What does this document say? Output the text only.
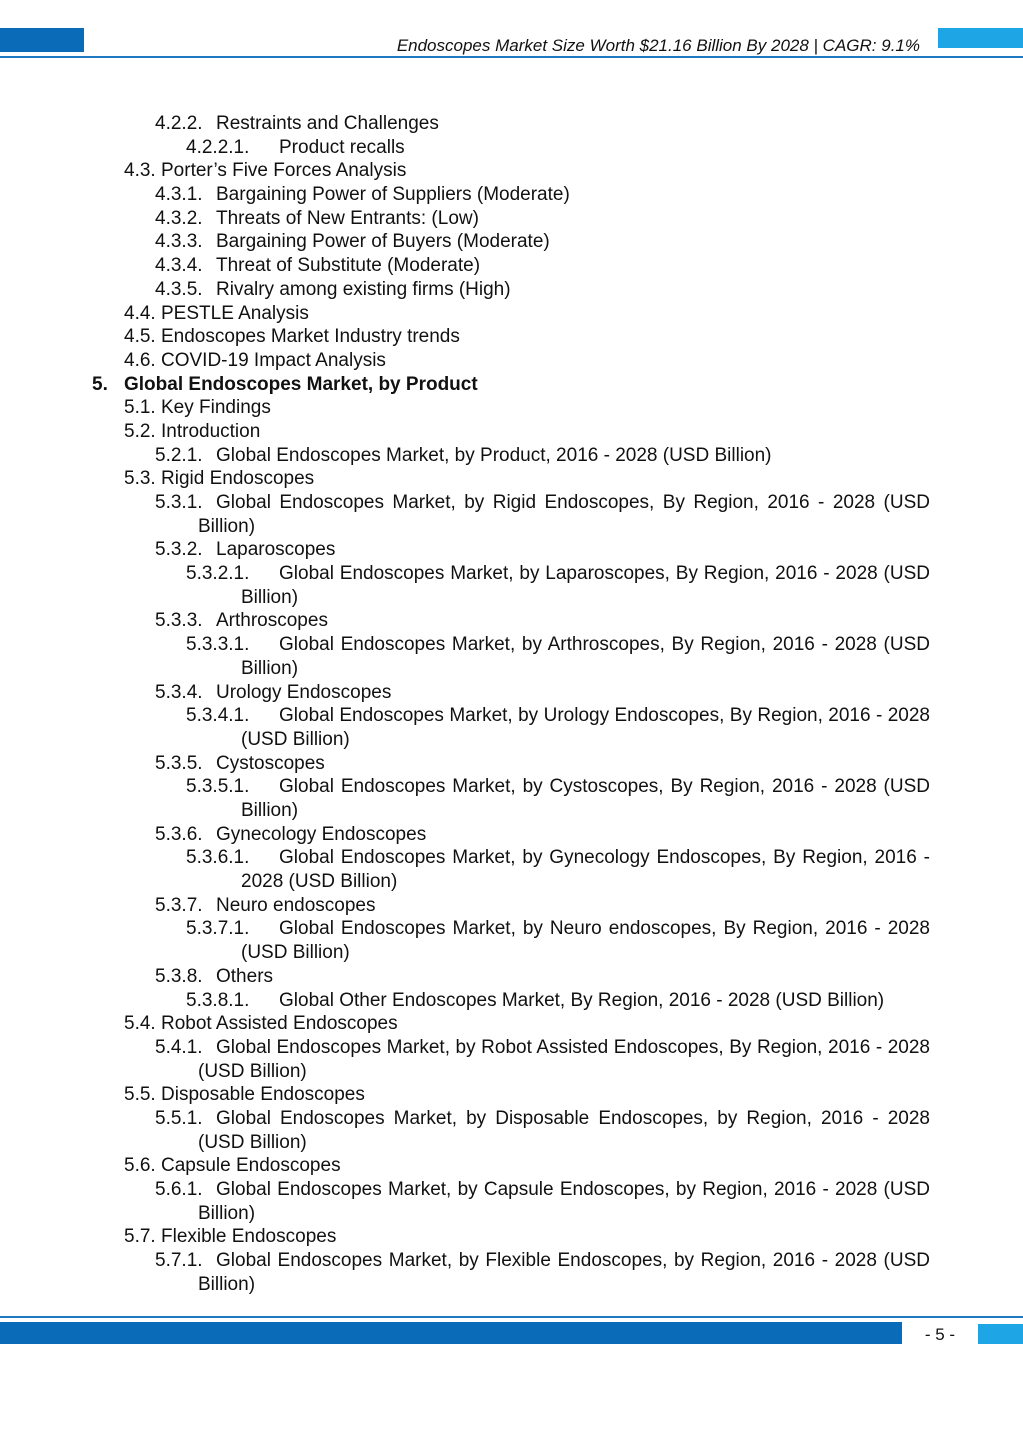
Endoscopes Market Size Worth $21.16 Billion By 2028 | CAGR: 9.1%
4.2.2. Restraints and Challenges
4.2.2.1. Product recalls
4.3. Porter’s Five Forces Analysis
4.3.1. Bargaining Power of Suppliers (Moderate)
4.3.2. Threats of New Entrants: (Low)
4.3.3. Bargaining Power of Buyers (Moderate)
4.3.4. Threat of Substitute (Moderate)
4.3.5. Rivalry among existing firms (High)
4.4. PESTLE Analysis
4.5. Endoscopes Market Industry trends
4.6. COVID-19 Impact Analysis
5. Global Endoscopes Market, by Product
5.1. Key Findings
5.2. Introduction
5.2.1. Global Endoscopes Market, by Product, 2016 - 2028 (USD Billion)
5.3. Rigid Endoscopes
5.3.1. Global Endoscopes Market, by Rigid Endoscopes, By Region, 2016 - 2028 (USD Billion)
5.3.2. Laparoscopes
5.3.2.1.	Global Endoscopes Market, by Laparoscopes, By Region, 2016 - 2028 (USD Billion)
5.3.3. Arthroscopes
5.3.3.1.	Global Endoscopes Market, by Arthroscopes, By Region, 2016 - 2028 (USD Billion)
5.3.4. Urology Endoscopes
5.3.4.1.	Global Endoscopes Market, by Urology Endoscopes, By Region, 2016 - 2028 (USD Billion)
5.3.5. Cystoscopes
5.3.5.1.	Global Endoscopes Market, by Cystoscopes, By Region, 2016 - 2028 (USD Billion)
5.3.6. Gynecology Endoscopes
5.3.6.1.	Global Endoscopes Market, by Gynecology Endoscopes, By Region, 2016 - 2028 (USD Billion)
5.3.7. Neuro endoscopes
5.3.7.1.	Global Endoscopes Market, by Neuro endoscopes, By Region, 2016 - 2028 (USD Billion)
5.3.8. Others
5.3.8.1. Global Other Endoscopes Market, By Region, 2016 - 2028 (USD Billion)
5.4. Robot Assisted Endoscopes
5.4.1. Global Endoscopes Market, by Robot Assisted Endoscopes, By Region, 2016 - 2028 (USD Billion)
5.5. Disposable Endoscopes
5.5.1. Global Endoscopes Market, by Disposable Endoscopes, by Region, 2016 - 2028 (USD Billion)
5.6. Capsule Endoscopes
5.6.1. Global Endoscopes Market, by Capsule Endoscopes, by Region, 2016 - 2028 (USD Billion)
5.7. Flexible Endoscopes
5.7.1. Global Endoscopes Market, by Flexible Endoscopes, by Region, 2016 - 2028 (USD Billion)
- 5 -
